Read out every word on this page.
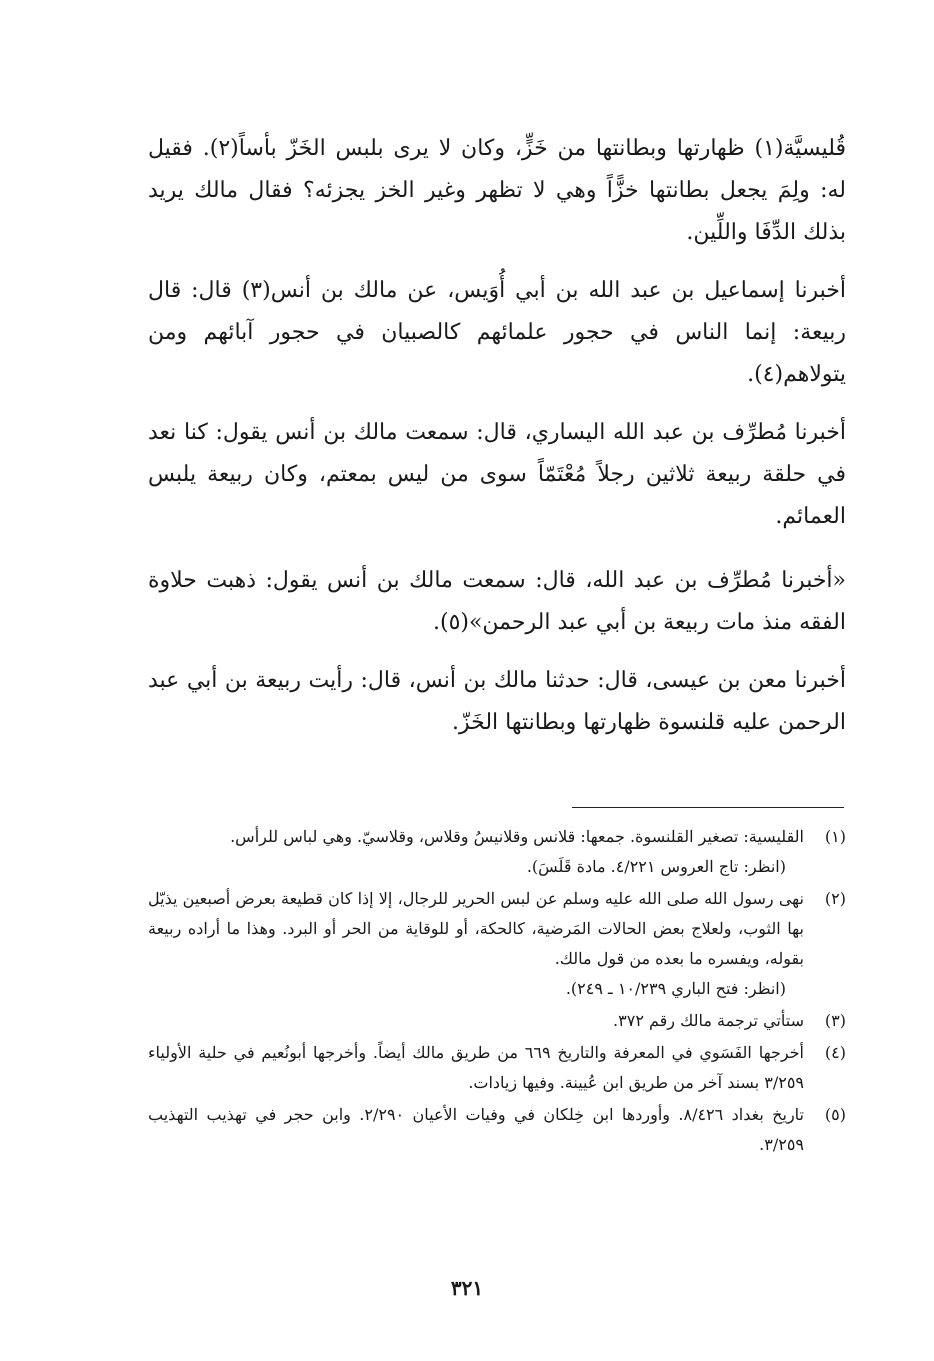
قُليسيَّة(١) ظهارتها وبطانتها من خَزٍّ، وكان لا يرى بلبس الخَزّ بأساً(٢). فقيل له: ولِمَ يجعل بطانتها خزًّاً وهي لا تظهر وغير الخز يجزئه؟ فقال مالك يريد بذلك الدِّفَا واللِّين.

أخبرنا إسماعيل بن عبد الله بن أبي أُوَيس، عن مالك بن أنس(٣) قال: قال ربيعة: إنما الناس في حجور علمائهم كالصبيان في حجور آبائهم ومن يتولاهم(٤).

أخبرنا مُطرِّف بن عبد الله اليساري، قال: سمعت مالك بن أنس يقول: كنا نعد في حلقة ربيعة ثلاثين رجلاً مُعْتَمّاً سوى من ليس بمعتم، وكان ربيعة يلبس العمائم.

«أخبرنا مُطرِّف بن عبد الله، قال: سمعت مالك بن أنس يقول: ذهبت حلاوة الفقه منذ مات ربيعة بن أبي عبد الرحمن»(٥).

أخبرنا معن بن عيسى، قال: حدثنا مالك بن أنس، قال: رأيت ربيعة بن أبي عبد الرحمن عليه قلنسوة ظهارتها وبطانتها الخَزّ.

(١)
القليسية: تصغير القلنسوة. جمعها: قلانس وقلانيسُ وقلاس، وقلاسيّ. وهي لباس للرأس.
(انظر: تاج العروس ٤/٢٢١. مادة قَلَسَ).
(٢)
نهى رسول الله صلى الله عليه وسلم عن لبس الحرير للرجال، إلا إذا كان قطيعة بعرض أصبعين يذيّل بها الثوب، ولعلاج بعض الحالات المَرضية، كالحكة، أو للوقاية من الحر أو البرد. وهذا ما أراده ربيعة بقوله، ويفسره ما بعده من قول مالك.
(انظر: فتح الباري ١٠/٢٣٩ ـ ٢٤٩).
(٣)
ستأتي ترجمة مالك رقم ٣٧٢.
(٤)
أخرجها الفَسَوي في المعرفة والتاريخ ٦٦٩ من طريق مالك أيضاً. وأخرجها أبونُعيم في حلية الأولياء ٣/٢٥٩ بسند آخر من طريق ابن عُيينة. وفيها زيادات.
(٥)
تاريخ بغداد ٨/٤٢٦. وأوردها ابن خِلكان في وفيات الأعيان ٢/٢٩٠. وابن حجر في تهذيب التهذيب ٣/٢٥٩.
٣٢١
